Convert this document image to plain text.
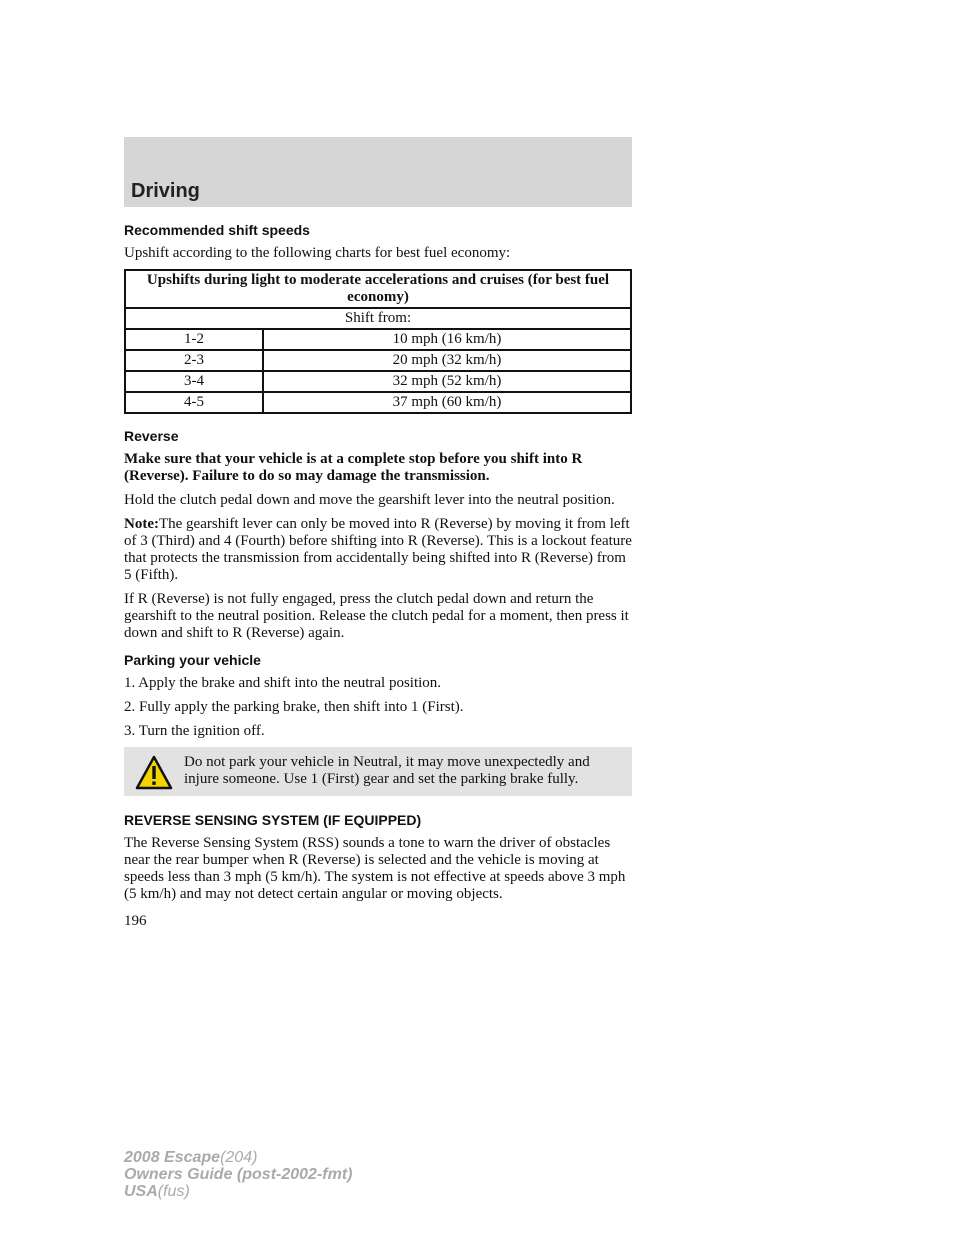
Driving
Recommended shift speeds

Upshift according to the following charts for best fuel economy:

Upshifts during light to moderate accelerations and cruises (for best fuel economy)	
Shift from:	
1-2	10 mph (16 km/h)
2-3	20 mph (32 km/h)
3-4	32 mph (52 km/h)
4-5	37 mph (60 km/h)
Reverse

Make sure that your vehicle is at a complete stop before you shift into R (Reverse). Failure to do so may damage the transmission.

Hold the clutch pedal down and move the gearshift lever into the neutral position.

Note:The gearshift lever can only be moved into R (Reverse) by moving it from left of 3 (Third) and 4 (Fourth) before shifting into R (Reverse). This is a lockout feature that protects the transmission from accidentally being shifted into R (Reverse) from 5 (Fifth).

If R (Reverse) is not fully engaged, press the clutch pedal down and return the gearshift to the neutral position. Release the clutch pedal for a moment, then press it down and shift to R (Reverse) again.

Parking your vehicle

1. Apply the brake and shift into the neutral position.

2. Fully apply the parking brake, then shift into 1 (First).

3. Turn the ignition off.

Do not park your vehicle in Neutral, it may move unexpectedly and injure someone. Use 1 (First) gear and set the parking brake fully.
REVERSE SENSING SYSTEM (IF EQUIPPED)

The Reverse Sensing System (RSS) sounds a tone to warn the driver of obstacles near the rear bumper when R (Reverse) is selected and the vehicle is moving at speeds less than 3 mph (5 km/h). The system is not effective at speeds above 3 mph (5 km/h) and may not detect certain angular or moving objects.

196
2008 Escape(204)
Owners Guide (post-2002-fmt)
USA(fus)
